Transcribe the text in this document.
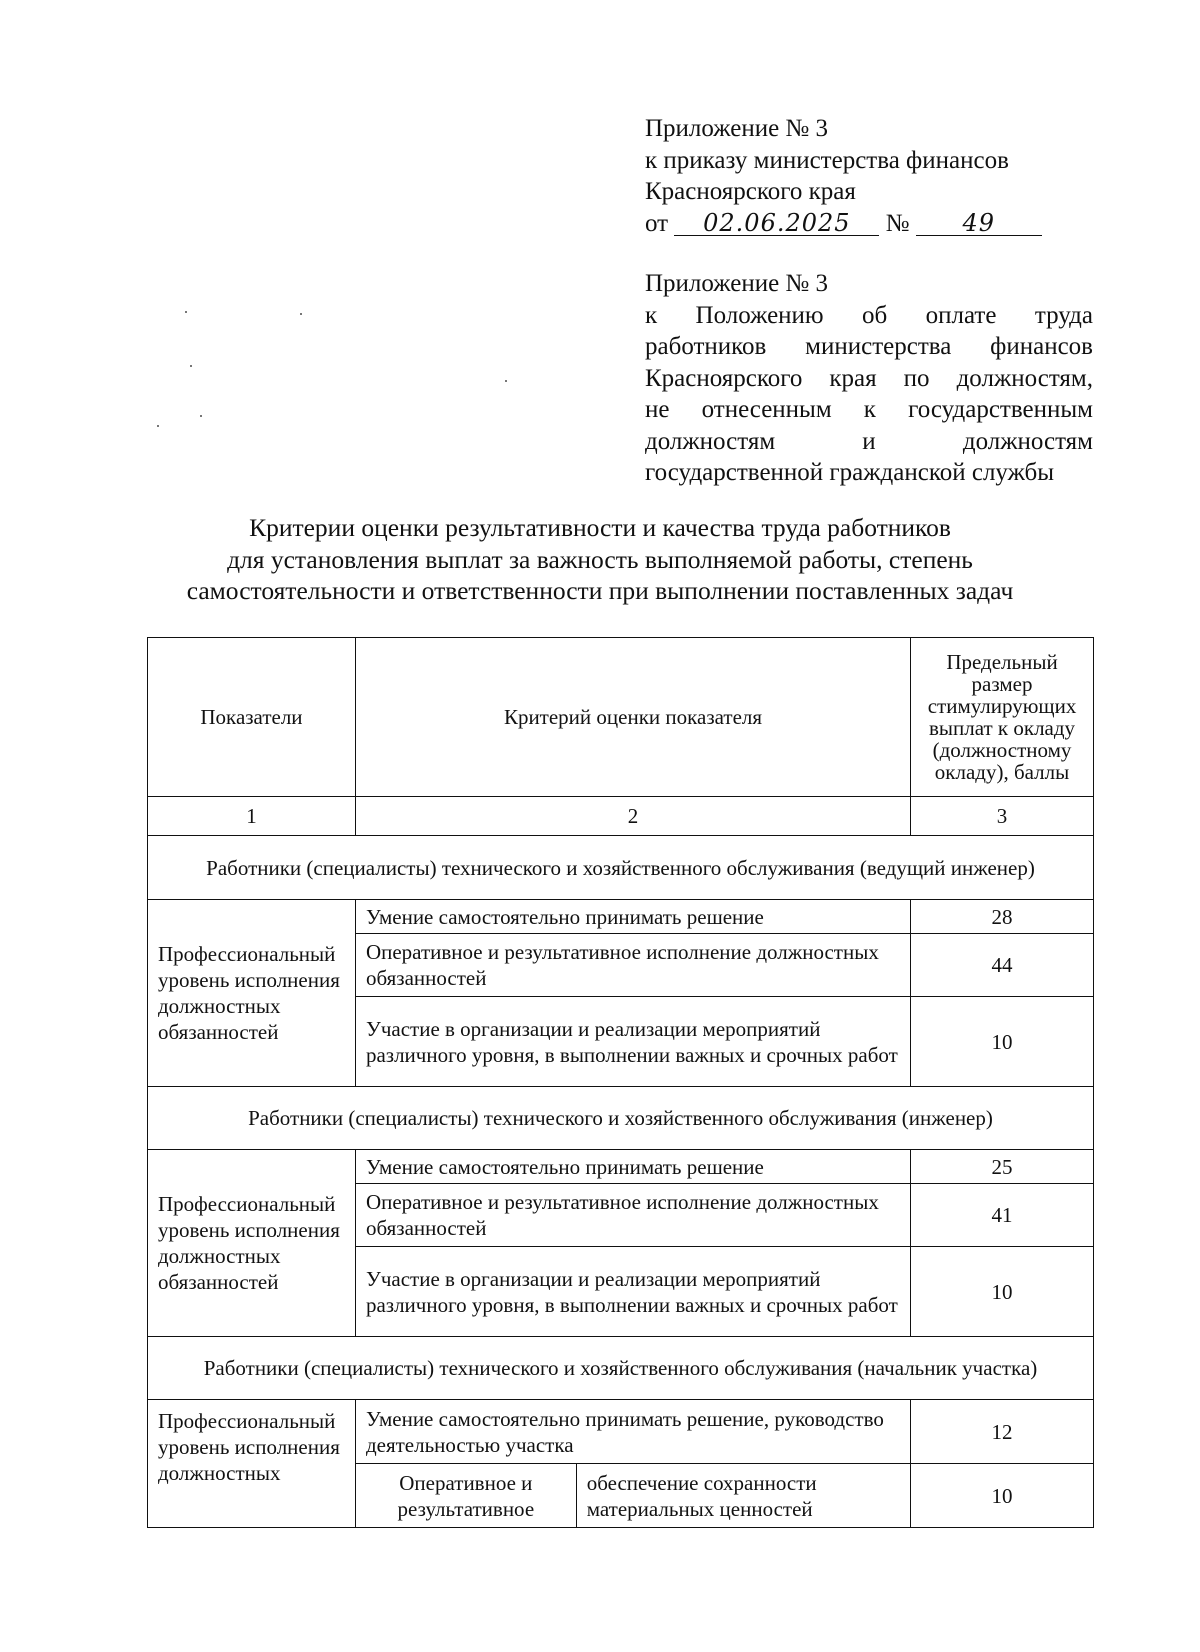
Приложение № 3
к приказу министерства финансов
Красноярского края
от 02.06.2025 № 49
Приложение № 3
к Положению об оплате труда
работников министерства финансов
Красноярского края по должностям,
не отнесенным к государственным
должностям и должностям
государственной гражданской службы
Критерии оценки результативности и качества труда работников
для установления выплат за важность выполняемой работы, степень
самостоятельности и ответственности при выполнении поставленных задач
Показатели	Критерий оценки показателя		Предельный размер стимулирующих выплат к окладу (должностному окладу), баллы
1	2		3
Работники (специалисты) технического и хозяйственного обслуживания (ведущий инженер)			
Профессиональный уровень исполнения должностных обязанностей	Умение самостоятельно принимать решение		28
	Оперативное и результативное исполнение должностных обязанностей		44
	Участие в организации и реализации мероприятий различного уровня, в выполнении важных и срочных работ		10
Работники (специалисты) технического и хозяйственного обслуживания (инженер)			
Профессиональный уровень исполнения должностных обязанностей	Умение самостоятельно принимать решение		25
	Оперативное и результативное исполнение должностных обязанностей		41
	Участие в организации и реализации мероприятий различного уровня, в выполнении важных и срочных работ		10
Работники (специалисты) технического и хозяйственного обслуживания (начальник участка)			
Профессиональный уровень исполнения должностных	Умение самостоятельно принимать решение, руководство деятельностью участка		12
	Оперативное и результативное	обеспечение сохранности материальных ценностей	10
